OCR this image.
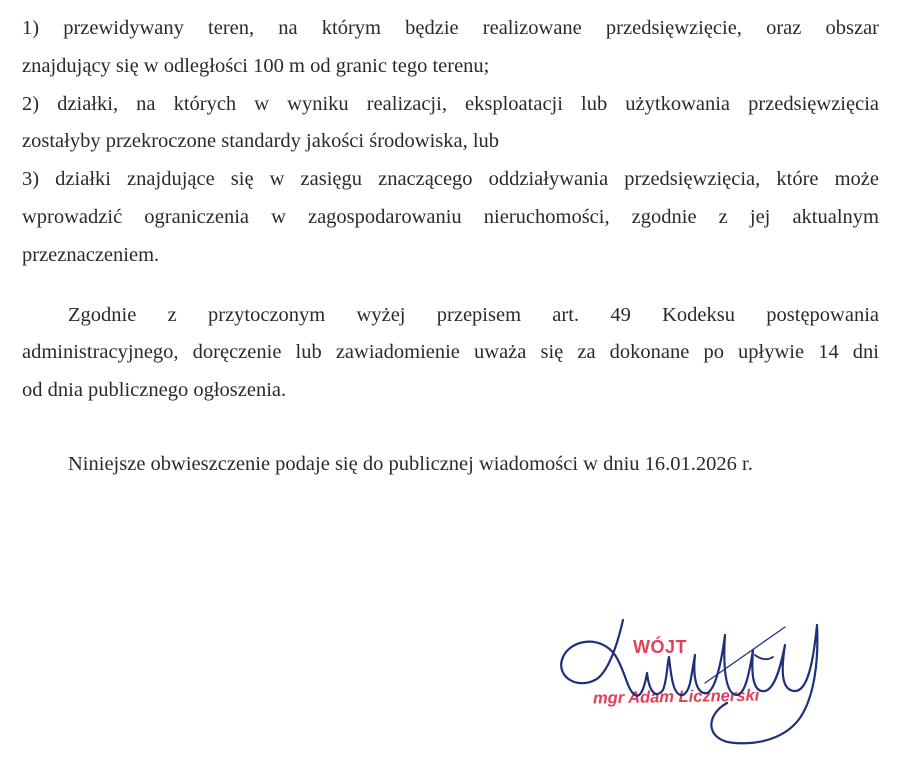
1) przewidywany teren, na którym będzie realizowane przedsięwzięcie, oraz obszar
znajdujący się w odległości 100 m od granic tego terenu;
2) działki, na których w wyniku realizacji, eksploatacji lub użytkowania przedsięwzięcia
zostałyby przekroczone standardy jakości środowiska, lub
3) działki znajdujące się w zasięgu znaczącego oddziaływania przedsięwzięcia, które może
wprowadzić ograniczenia w zagospodarowaniu nieruchomości, zgodnie z jej aktualnym
przeznaczeniem.
Zgodnie z przytoczonym wyżej przepisem art. 49 Kodeksu postępowania
administracyjnego, doręczenie lub zawiadomienie uważa się za dokonane po upływie 14 dni
od dnia publicznego ogłoszenia.
Niniejsze obwieszczenie podaje się do publicznej wiadomości w dniu 16.01.2026 r.
WÓJT
mgr Adam Licznerski
